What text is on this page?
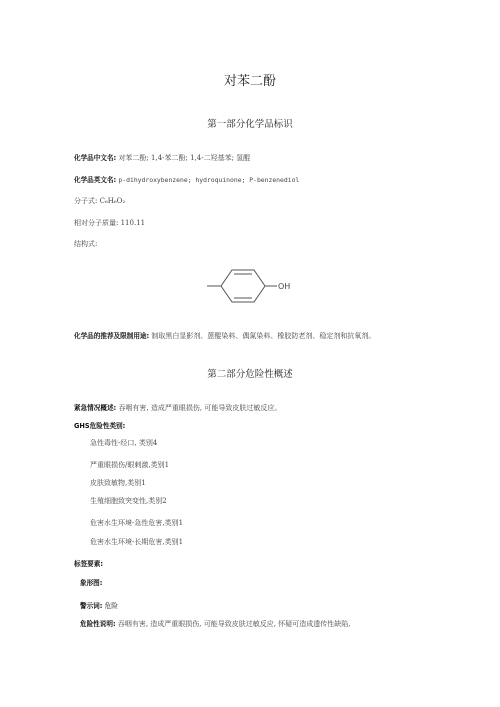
对苯二酚
第一部分化学品标识
化学品中文名: 对苯二酚; 1,4-苯二酚; 1,4-二羟基苯; 氢醌
化学品英文名: p-dihydroxybenzene; hydroquinone; P-benzenediol
分子式: C₆H₆O₂
相对分子质量: 110.11
结构式:
OH
化学品的推荐及限制用途: 制取黑白显影剂、蒽醌染料、偶氮染料、橡胶防老剂、稳定剂和抗氧剂。
第二部分危险性概述
紧急情况概述: 吞咽有害, 造成严重眼损伤, 可能导致皮肤过敏反应。
GHS危险性类别:
急性毒性-经口, 类别4
严重眼损伤/眼刺激,类别1
皮肤致敏物,类别1
生殖细胞致突变性,类别2
危害水生环境-急性危害,类别1
危害水生环境-长期危害,类别1
标签要素:
象形图:
警示词: 危险
危险性说明: 吞咽有害, 造成严重眼损伤, 可能导致皮肤过敏反应, 怀疑可造成遗传性缺陷,
